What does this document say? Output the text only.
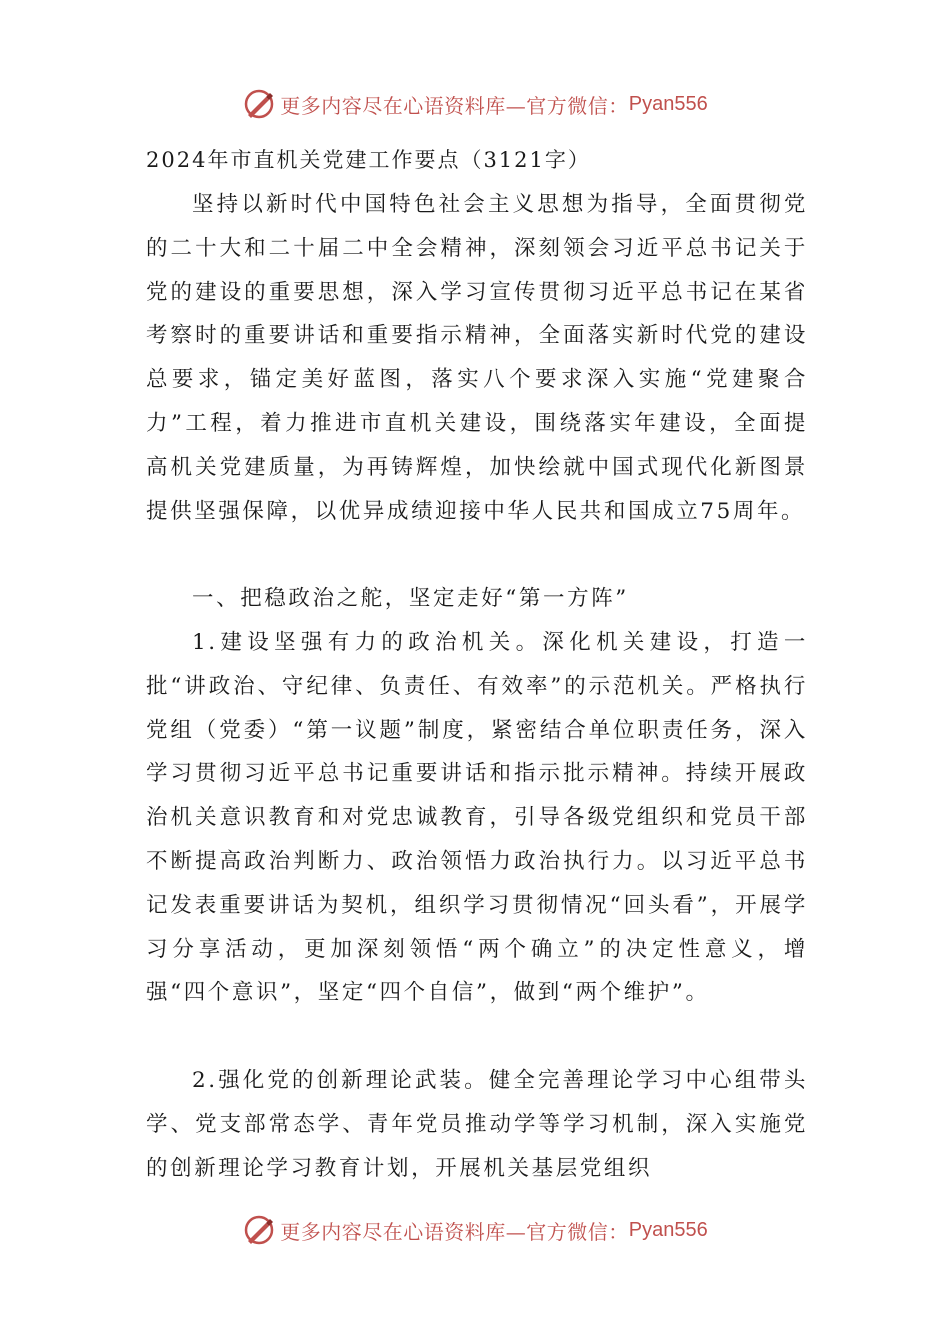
更多内容尽在心语资料库—官方微信： Pyan556
2024年市直机关党建工作要点（3121字）
坚持以新时代中国特色社会主义思想为指导，全面贯彻党的二十大和二十届二中全会精神，深刻领会习近平总书记关于党的建设的重要思想，深入学习宣传贯彻习近平总书记在某省考察时的重要讲话和重要指示精神，全面落实新时代党的建设总要求，锚定美好蓝图，落实八个要求深入实施“党建聚合力”工程，着力推进市直机关建设，围绕落实年建设，全面提高机关党建质量，为再铸辉煌，加快绘就中国式现代化新图景提供坚强保障，以优异成绩迎接中华人民共和国成立75周年。
一、把稳政治之舵，坚定走好“第一方阵”
1.建设坚强有力的政治机关。深化机关建设，打造一批“讲政治、守纪律、负责任、有效率”的示范机关。严格执行党组（党委）“第一议题”制度，紧密结合单位职责任务，深入学习贯彻习近平总书记重要讲话和指示批示精神。持续开展政治机关意识教育和对党忠诚教育，引导各级党组织和党员干部不断提高政治判断力、政治领悟力政治执行力。以习近平总书记发表重要讲话为契机，组织学习贯彻情况“回头看”，开展学习分享活动，更加深刻领悟“两个确立”的决定性意义，增强“四个意识”，坚定“四个自信”，做到“两个维护”。
2.强化党的创新理论武装。健全完善理论学习中心组带头学、党支部常态学、青年党员推动学等学习机制，深入实施党的创新理论学习教育计划，开展机关基层党组织
更多内容尽在心语资料库—官方微信： Pyan556
